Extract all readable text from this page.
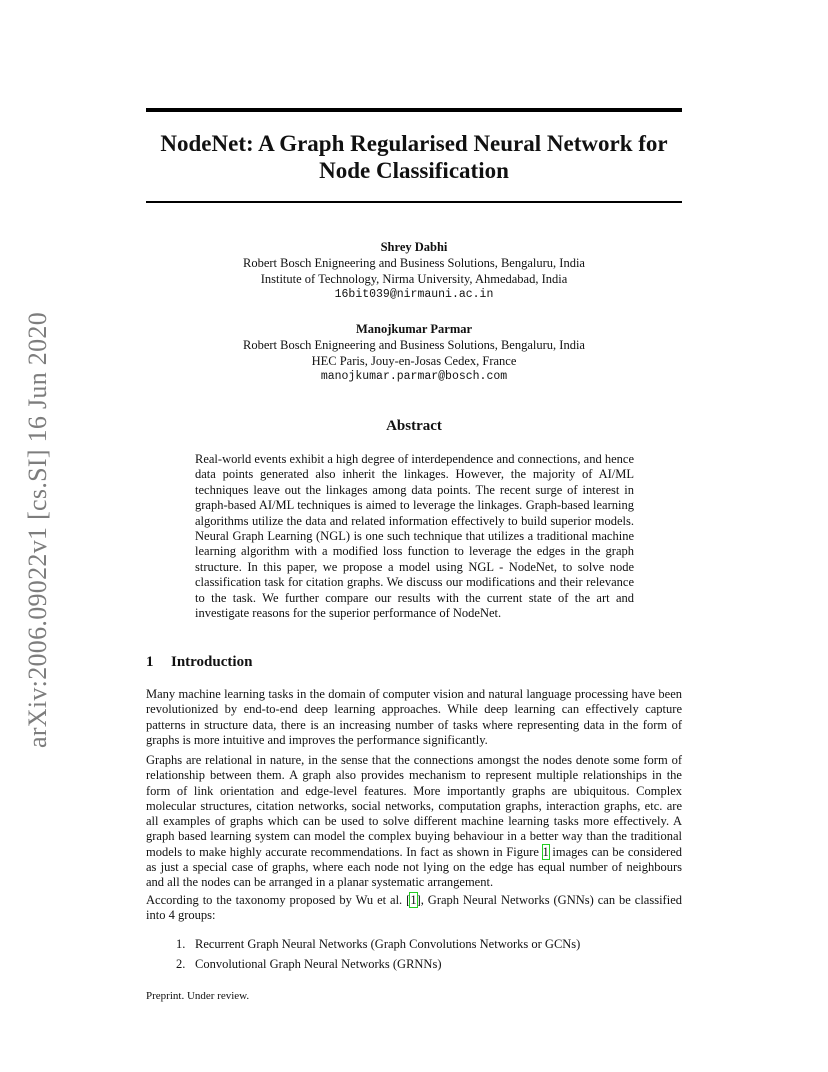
arXiv:2006.09022v1 [cs.SI] 16 Jun 2020
NodeNet: A Graph Regularised Neural Network for Node Classification
Shrey Dabhi
Robert Bosch Enigneering and Business Solutions, Bengaluru, India
Institute of Technology, Nirma University, Ahmedabad, India
16bit039@nirmauni.ac.in
Manojkumar Parmar
Robert Bosch Enigneering and Business Solutions, Bengaluru, India
HEC Paris, Jouy-en-Josas Cedex, France
manojkumar.parmar@bosch.com
Abstract

Real-world events exhibit a high degree of interdependence and connections, and hence data points generated also inherit the linkages. However, the majority of AI/ML techniques leave out the linkages among data points. The recent surge of interest in graph-based AI/ML techniques is aimed to leverage the linkages. Graph-based learning algorithms utilize the data and related information effectively to build superior models. Neural Graph Learning (NGL) is one such technique that utilizes a traditional machine learning algorithm with a modified loss function to leverage the edges in the graph structure. In this paper, we propose a model using NGL - NodeNet, to solve node classification task for citation graphs. We discuss our modifications and their relevance to the task. We further compare our results with the current state of the art and investigate reasons for the superior performance of NodeNet.

1 Introduction

Many machine learning tasks in the domain of computer vision and natural language processing have been revolutionized by end-to-end deep learning approaches. While deep learning can effectively capture patterns in structure data, there is an increasing number of tasks where representing data in the form of graphs is more intuitive and improves the performance significantly.

Graphs are relational in nature, in the sense that the connections amongst the nodes denote some form of relationship between them. A graph also provides mechanism to represent multiple relationships in the form of link orientation and edge-level features. More importantly graphs are ubiquitous. Complex molecular structures, citation networks, social networks, computation graphs, interaction graphs, etc. are all examples of graphs which can be used to solve different machine learning tasks more effectively. A graph based learning system can model the complex buying behaviour in a better way than the traditional models to make highly accurate recommendations. In fact as shown in Figure 1 images can be considered as just a special case of graphs, where each node not lying on the edge has equal number of neighbours and all the nodes can be arranged in a planar systematic arrangement.

According to the taxonomy proposed by Wu et al. [1], Graph Neural Networks (GNNs) can be classified into 4 groups:

1. Recurrent Graph Neural Networks (Graph Convolutions Networks or GCNs)
2. Convolutional Graph Neural Networks (GRNNs)
Preprint. Under review.
